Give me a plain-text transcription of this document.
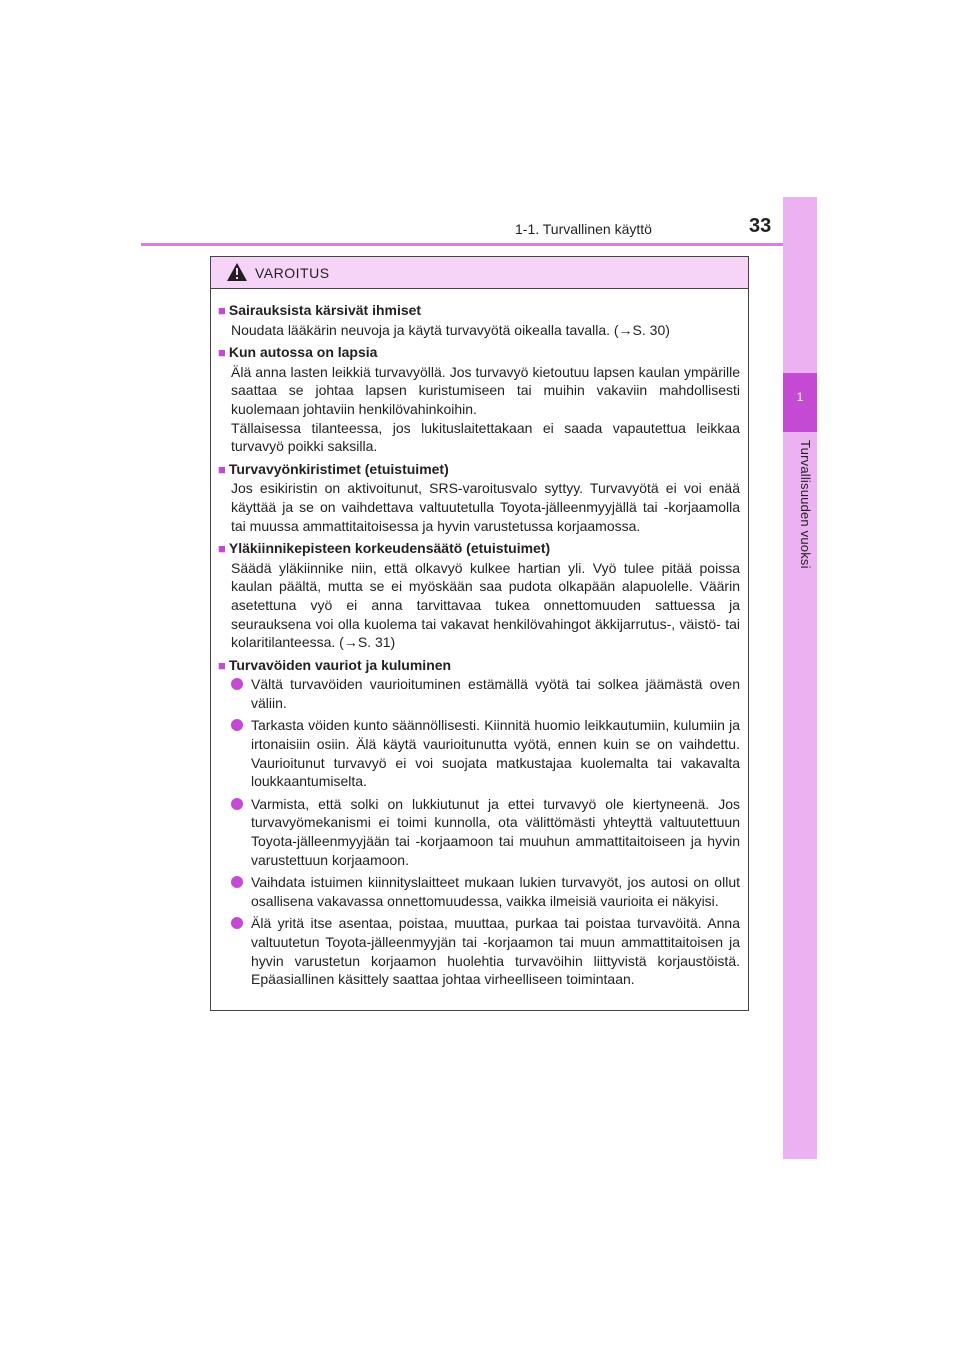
1-1. Turvallinen käyttö	33
1
Turvallisuuden vuoksi
VAROITUS
■ Sairauksista kärsivät ihmiset
Noudata lääkärin neuvoja ja käytä turvavyötä oikealla tavalla. (→S. 30)
■ Kun autossa on lapsia
Älä anna lasten leikkiä turvavyöllä. Jos turvavyö kietoutuu lapsen kaulan ympärille saattaa se johtaa lapsen kuristumiseen tai muihin vakaviin mahdollisesti kuolemaan johtaviin henkilövahinkoihin.
Tällaisessa tilanteessa, jos lukituslaitettakaan ei saada vapautettua leikkaa turvavyö poikki saksilla.
■ Turvavyönkiristimet (etuistuimet)
Jos esikiristin on aktivoitunut, SRS-varoitusvalo syttyy. Turvavyötä ei voi enää käyttää ja se on vaihdettava valtuutetulla Toyota-jälleenmyyjällä tai -korjaamolla tai muussa ammattitaitoisessa ja hyvin varustetussa korjaamossa.
■ Yläkiinnikepisteen korkeudensäätö (etuistuimet)
Säädä yläkiinnike niin, että olkavyö kulkee hartian yli. Vyö tulee pitää poissa kaulan päältä, mutta se ei myöskään saa pudota olkapään alapuolelle. Väärin asetettuna vyö ei anna tarvittavaa tukea onnettomuuden sattuessa ja seurauksena voi olla kuolema tai vakavat henkilövahingot äkkijarrutus-, väistö- tai kolaritilanteessa. (→S. 31)
■ Turvavöiden vauriot ja kuluminen
Vältä turvavöiden vaurioituminen estämällä vyötä tai solkea jäämästä oven väliin.
Tarkasta vöiden kunto säännöllisesti. Kiinnitä huomio leikkautumiin, kulumiin ja irtonaisiin osiin. Älä käytä vaurioitunutta vyötä, ennen kuin se on vaihdettu. Vaurioitunut turvavyö ei voi suojata matkustajaa kuolemalta tai vakavalta loukkaantumiselta.
Varmista, että solki on lukkiutunut ja ettei turvavyö ole kiertyneenä. Jos turvavyömekanismi ei toimi kunnolla, ota välittömästi yhteyttä valtuutettuun Toyota-jälleenmyyjään tai -korjaamoon tai muuhun ammattitaitoiseen ja hyvin varustettuun korjaamoon.
Vaihdata istuimen kiinnityslaitteet mukaan lukien turvavyöt, jos autosi on ollut osallisena vakavassa onnettomuudessa, vaikka ilmeisiä vaurioita ei näkyisi.
Älä yritä itse asentaa, poistaa, muuttaa, purkaa tai poistaa turvavöitä. Anna valtuutetun Toyota-jälleenmyyjän tai -korjaamon tai muun ammattitaitoisen ja hyvin varustetun korjaamon huolehtia turvavöihin liittyvistä korjaustöistä. Epäasiallinen käsittely saattaa johtaa virheelliseen toimintaan.
